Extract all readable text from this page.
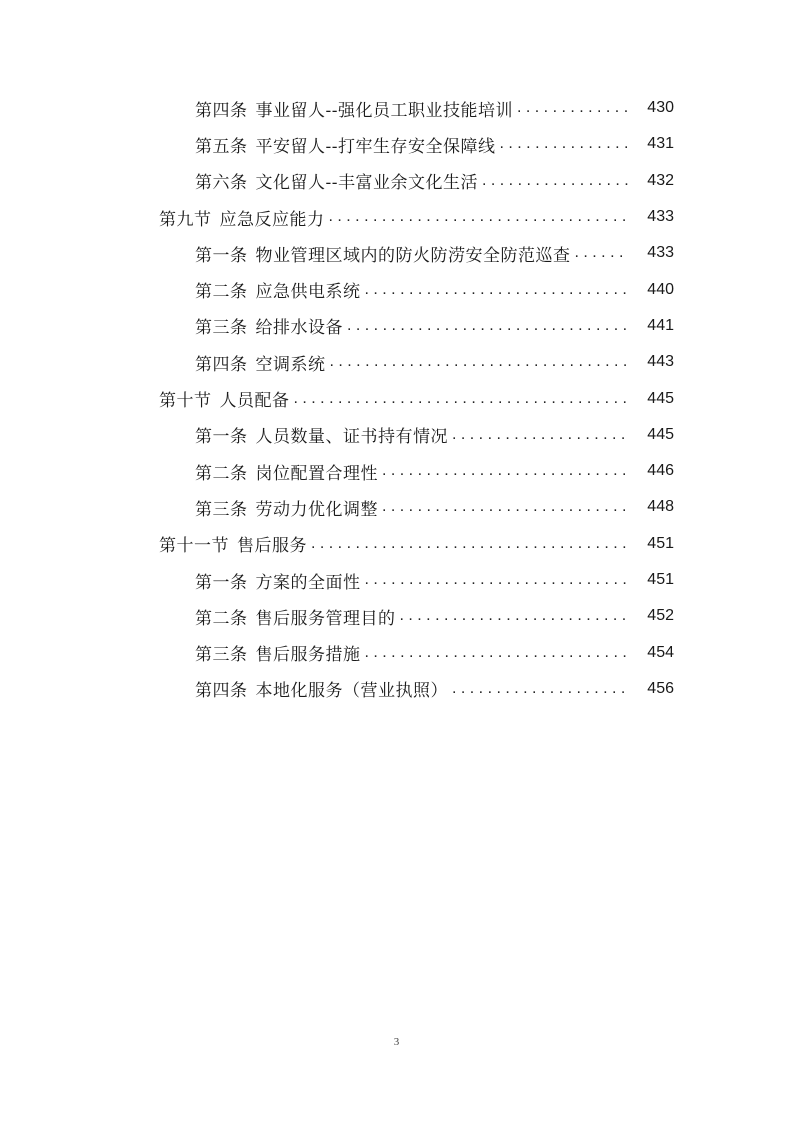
第四条 事业留人--强化员工职业技能培训 . . .	430
第五条 平安留人--打牢生存安全保障线 . . .	431
第六条 文化留人--丰富业余文化生活 . . .	432
第九节 应急反应能力 . . .	433
第一条 物业管理区域内的防火防涝安全防范巡查 . . .	433
第二条 应急供电系统 . . .	440
第三条 给排水设备 . . .	441
第四条 空调系统 . . .	443
第十节 人员配备 . . .	445
第一条 人员数量、证书持有情况 . . .	445
第二条 岗位配置合理性 . . .	446
第三条 劳动力优化调整 . . .	448
第十一节 售后服务 . . .	451
第一条 方案的全面性 . . .	451
第二条 售后服务管理目的 . . .	452
第三条 售后服务措施 . . .	454
第四条 本地化服务（营业执照） . . .	456
3
